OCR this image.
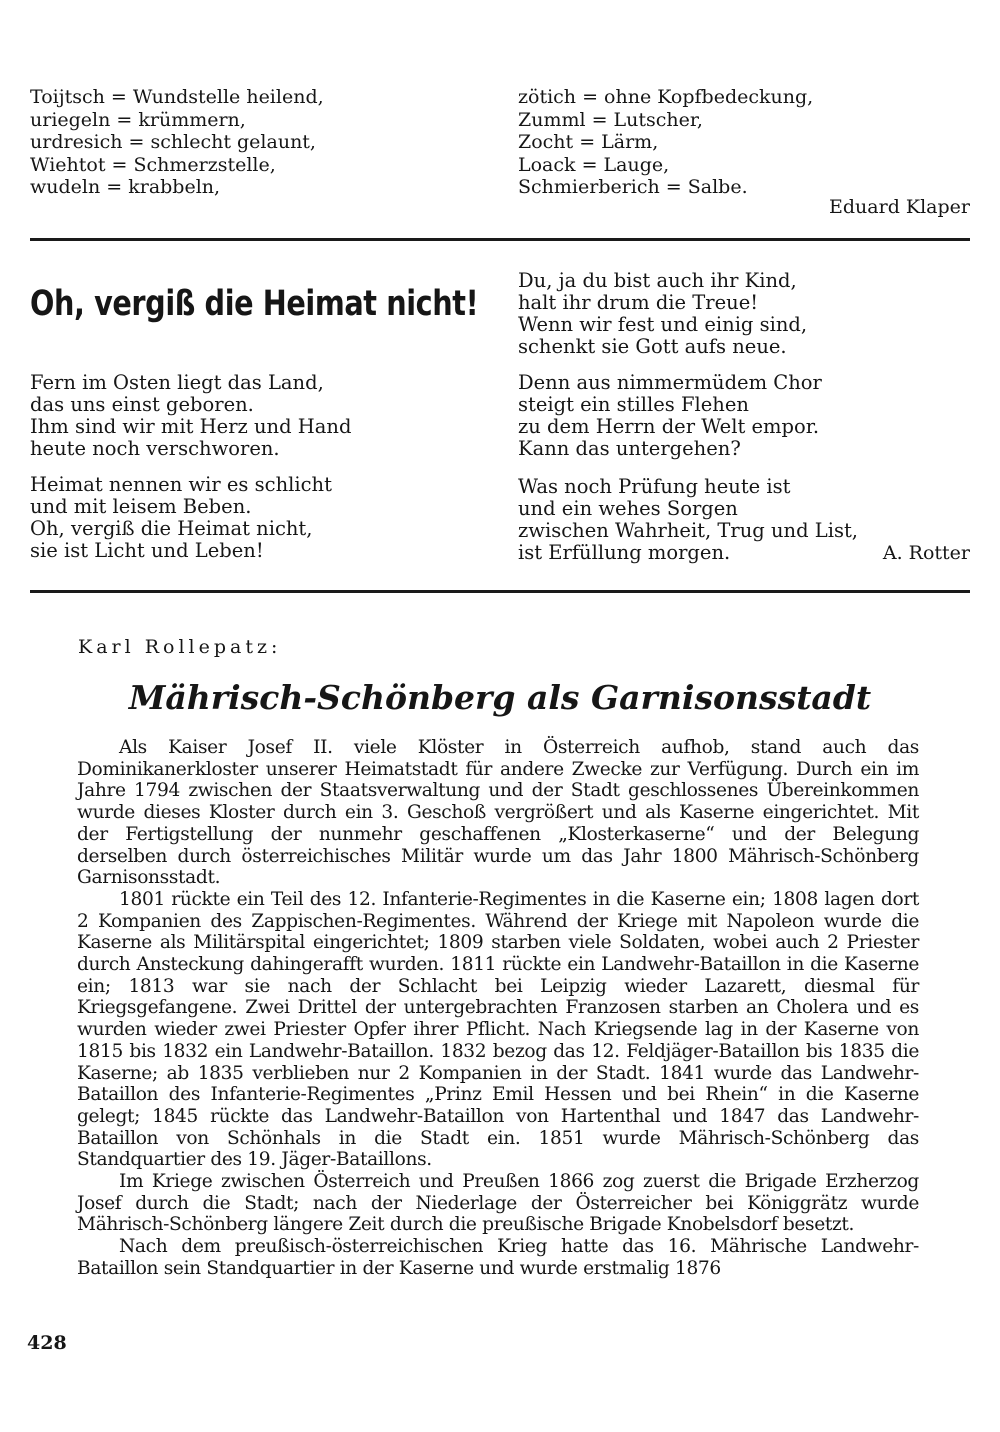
Toijtsch = Wundstelle heilend,
uriegeln = krümmern,
urdresich = schlecht gelaunt,
Wiehtot = Schmerzstelle,
wudeln = krabbeln,
zötich = ohne Kopfbedeckung,
Zumml = Lutscher,
Zocht = Lärm,
Loack = Lauge,
Schmierberich = Salbe.
Eduard Klaper
Oh, vergiß die Heimat nicht!
Fern im Osten liegt das Land,
das uns einst geboren.
Ihm sind wir mit Herz und Hand
heute noch verschworen.
Heimat nennen wir es schlicht
und mit leisem Beben.
Oh, vergiß die Heimat nicht,
sie ist Licht und Leben!
Du, ja du bist auch ihr Kind,
halt ihr drum die Treue!
Wenn wir fest und einig sind,
schenkt sie Gott aufs neue.
Denn aus nimmermüdem Chor
steigt ein stilles Flehen
zu dem Herrn der Welt empor.
Kann das untergehen?
Was noch Prüfung heute ist
und ein wehes Sorgen
zwischen Wahrheit, Trug und List,
ist Erfüllung morgen.	A. Rotter
Karl Rollepatz:
Mährisch-Schönberg als Garnisonsstadt

Als Kaiser Josef II. viele Klöster in Österreich aufhob, stand auch das Dominikanerkloster unserer Heimatstadt für andere Zwecke zur Verfügung. Durch ein im Jahre 1794 zwischen der Staatsverwaltung und der Stadt geschlossenes Übereinkommen wurde dieses Kloster durch ein 3. Geschoß vergrößert und als Kaserne eingerichtet. Mit der Fertigstellung der nunmehr geschaffenen „Klosterkaserne“ und der Belegung derselben durch österreichisches Militär wurde um das Jahr 1800 Mährisch-Schönberg Garnisonsstadt.

1801 rückte ein Teil des 12. Infanterie-Regimentes in die Kaserne ein; 1808 lagen dort 2 Kompanien des Zappischen-Regimentes. Während der Kriege mit Napoleon wurde die Kaserne als Militärspital eingerichtet; 1809 starben viele Soldaten, wobei auch 2 Priester durch Ansteckung dahingerafft wurden. 1811 rückte ein Landwehr-Bataillon in die Kaserne ein; 1813 war sie nach der Schlacht bei Leipzig wieder Lazarett, diesmal für Kriegsgefangene. Zwei Drittel der untergebrachten Franzosen starben an Cholera und es wurden wieder zwei Priester Opfer ihrer Pflicht. Nach Kriegsende lag in der Kaserne von 1815 bis 1832 ein Landwehr-Bataillon. 1832 bezog das 12. Feldjäger-Bataillon bis 1835 die Kaserne; ab 1835 verblieben nur 2 Kompanien in der Stadt. 1841 wurde das Landwehr-Bataillon des Infanterie-Regimentes „Prinz Emil Hessen und bei Rhein“ in die Kaserne gelegt; 1845 rückte das Landwehr-Bataillon von Hartenthal und 1847 das Landwehr-Bataillon von Schönhals in die Stadt ein. 1851 wurde Mährisch-Schönberg das Standquartier des 19. Jäger-Bataillons.

Im Kriege zwischen Österreich und Preußen 1866 zog zuerst die Brigade Erzherzog Josef durch die Stadt; nach der Niederlage der Österreicher bei Königgrätz wurde Mährisch-Schönberg längere Zeit durch die preußische Brigade Knobelsdorf besetzt.

Nach dem preußisch-österreichischen Krieg hatte das 16. Mährische Landwehr-Bataillon sein Standquartier in der Kaserne und wurde erstmalig 1876

428
